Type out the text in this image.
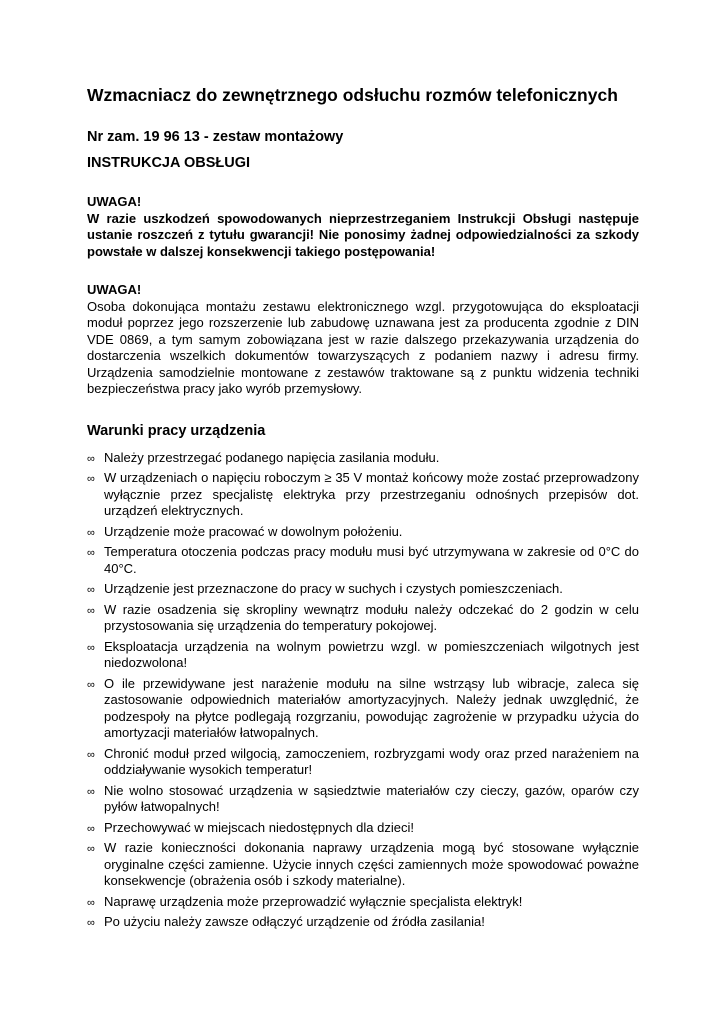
Wzmacniacz do zewnętrznego odsłuchu rozmów telefonicznych
Nr zam. 19 96 13 - zestaw montażowy
INSTRUKCJA OBSŁUGI
UWAGA!
W razie uszkodzeń spowodowanych nieprzestrzeganiem Instrukcji Obsługi następuje ustanie roszczeń z tytułu gwarancji! Nie ponosimy żadnej odpowiedzialności za szkody powstałe w dalszej konsekwencji takiego postępowania!
UWAGA!
Osoba dokonująca montażu zestawu elektronicznego wzgl. przygotowująca do eksploatacji moduł poprzez jego rozszerzenie lub zabudowę uznawana jest za producenta zgodnie z DIN VDE 0869, a tym samym zobowiązana jest w razie dalszego przekazywania urządzenia do dostarczenia wszelkich dokumentów towarzyszących z podaniem nazwy i adresu firmy. Urządzenia samodzielnie montowane z zestawów traktowane są z punktu widzenia techniki bezpieczeństwa pracy jako wyrób przemysłowy.
Warunki pracy urządzenia
∞ Należy przestrzegać podanego napięcia zasilania modułu.
∞ W urządzeniach o napięciu roboczym ≥ 35 V montaż końcowy może zostać przeprowadzony wyłącznie przez specjalistę elektryka przy przestrzeganiu odnośnych przepisów dot. urządzeń elektrycznych.
∞ Urządzenie może pracować w dowolnym położeniu.
∞ Temperatura otoczenia podczas pracy modułu musi być utrzymywana w zakresie od 0°C do 40°C.
∞ Urządzenie jest przeznaczone do pracy w suchych i czystych pomieszczeniach.
∞ W razie osadzenia się skropliny wewnątrz modułu należy odczekać do 2 godzin w celu przystosowania się urządzenia do temperatury pokojowej.
∞ Eksploatacja urządzenia na wolnym powietrzu wzgl. w pomieszczeniach wilgotnych jest niedozwolona!
∞ O ile przewidywane jest narażenie modułu na silne wstrząsy lub wibracje, zaleca się zastosowanie odpowiednich materiałów amortyzacyjnych. Należy jednak uwzględnić, że podzespoły na płytce podlegają rozgrzaniu, powodując zagrożenie w przypadku użycia do amortyzacji materiałów łatwopalnych.
∞ Chronić moduł przed wilgocią, zamoczeniem, rozbryzgami wody oraz przed narażeniem na oddziaływanie wysokich temperatur!
∞ Nie wolno stosować urządzenia w sąsiedztwie materiałów czy cieczy, gazów, oparów czy pyłów łatwopalnych!
∞ Przechowywać w miejscach niedostępnych dla dzieci!
∞ W razie konieczności dokonania naprawy urządzenia mogą być stosowane wyłącznie oryginalne części zamienne. Użycie innych części zamiennych może spowodować poważne konsekwencje (obrażenia osób i szkody materialne).
∞ Naprawę urządzenia może przeprowadzić wyłącznie specjalista elektryk!
∞ Po użyciu należy zawsze odłączyć urządzenie od źródła zasilania!
